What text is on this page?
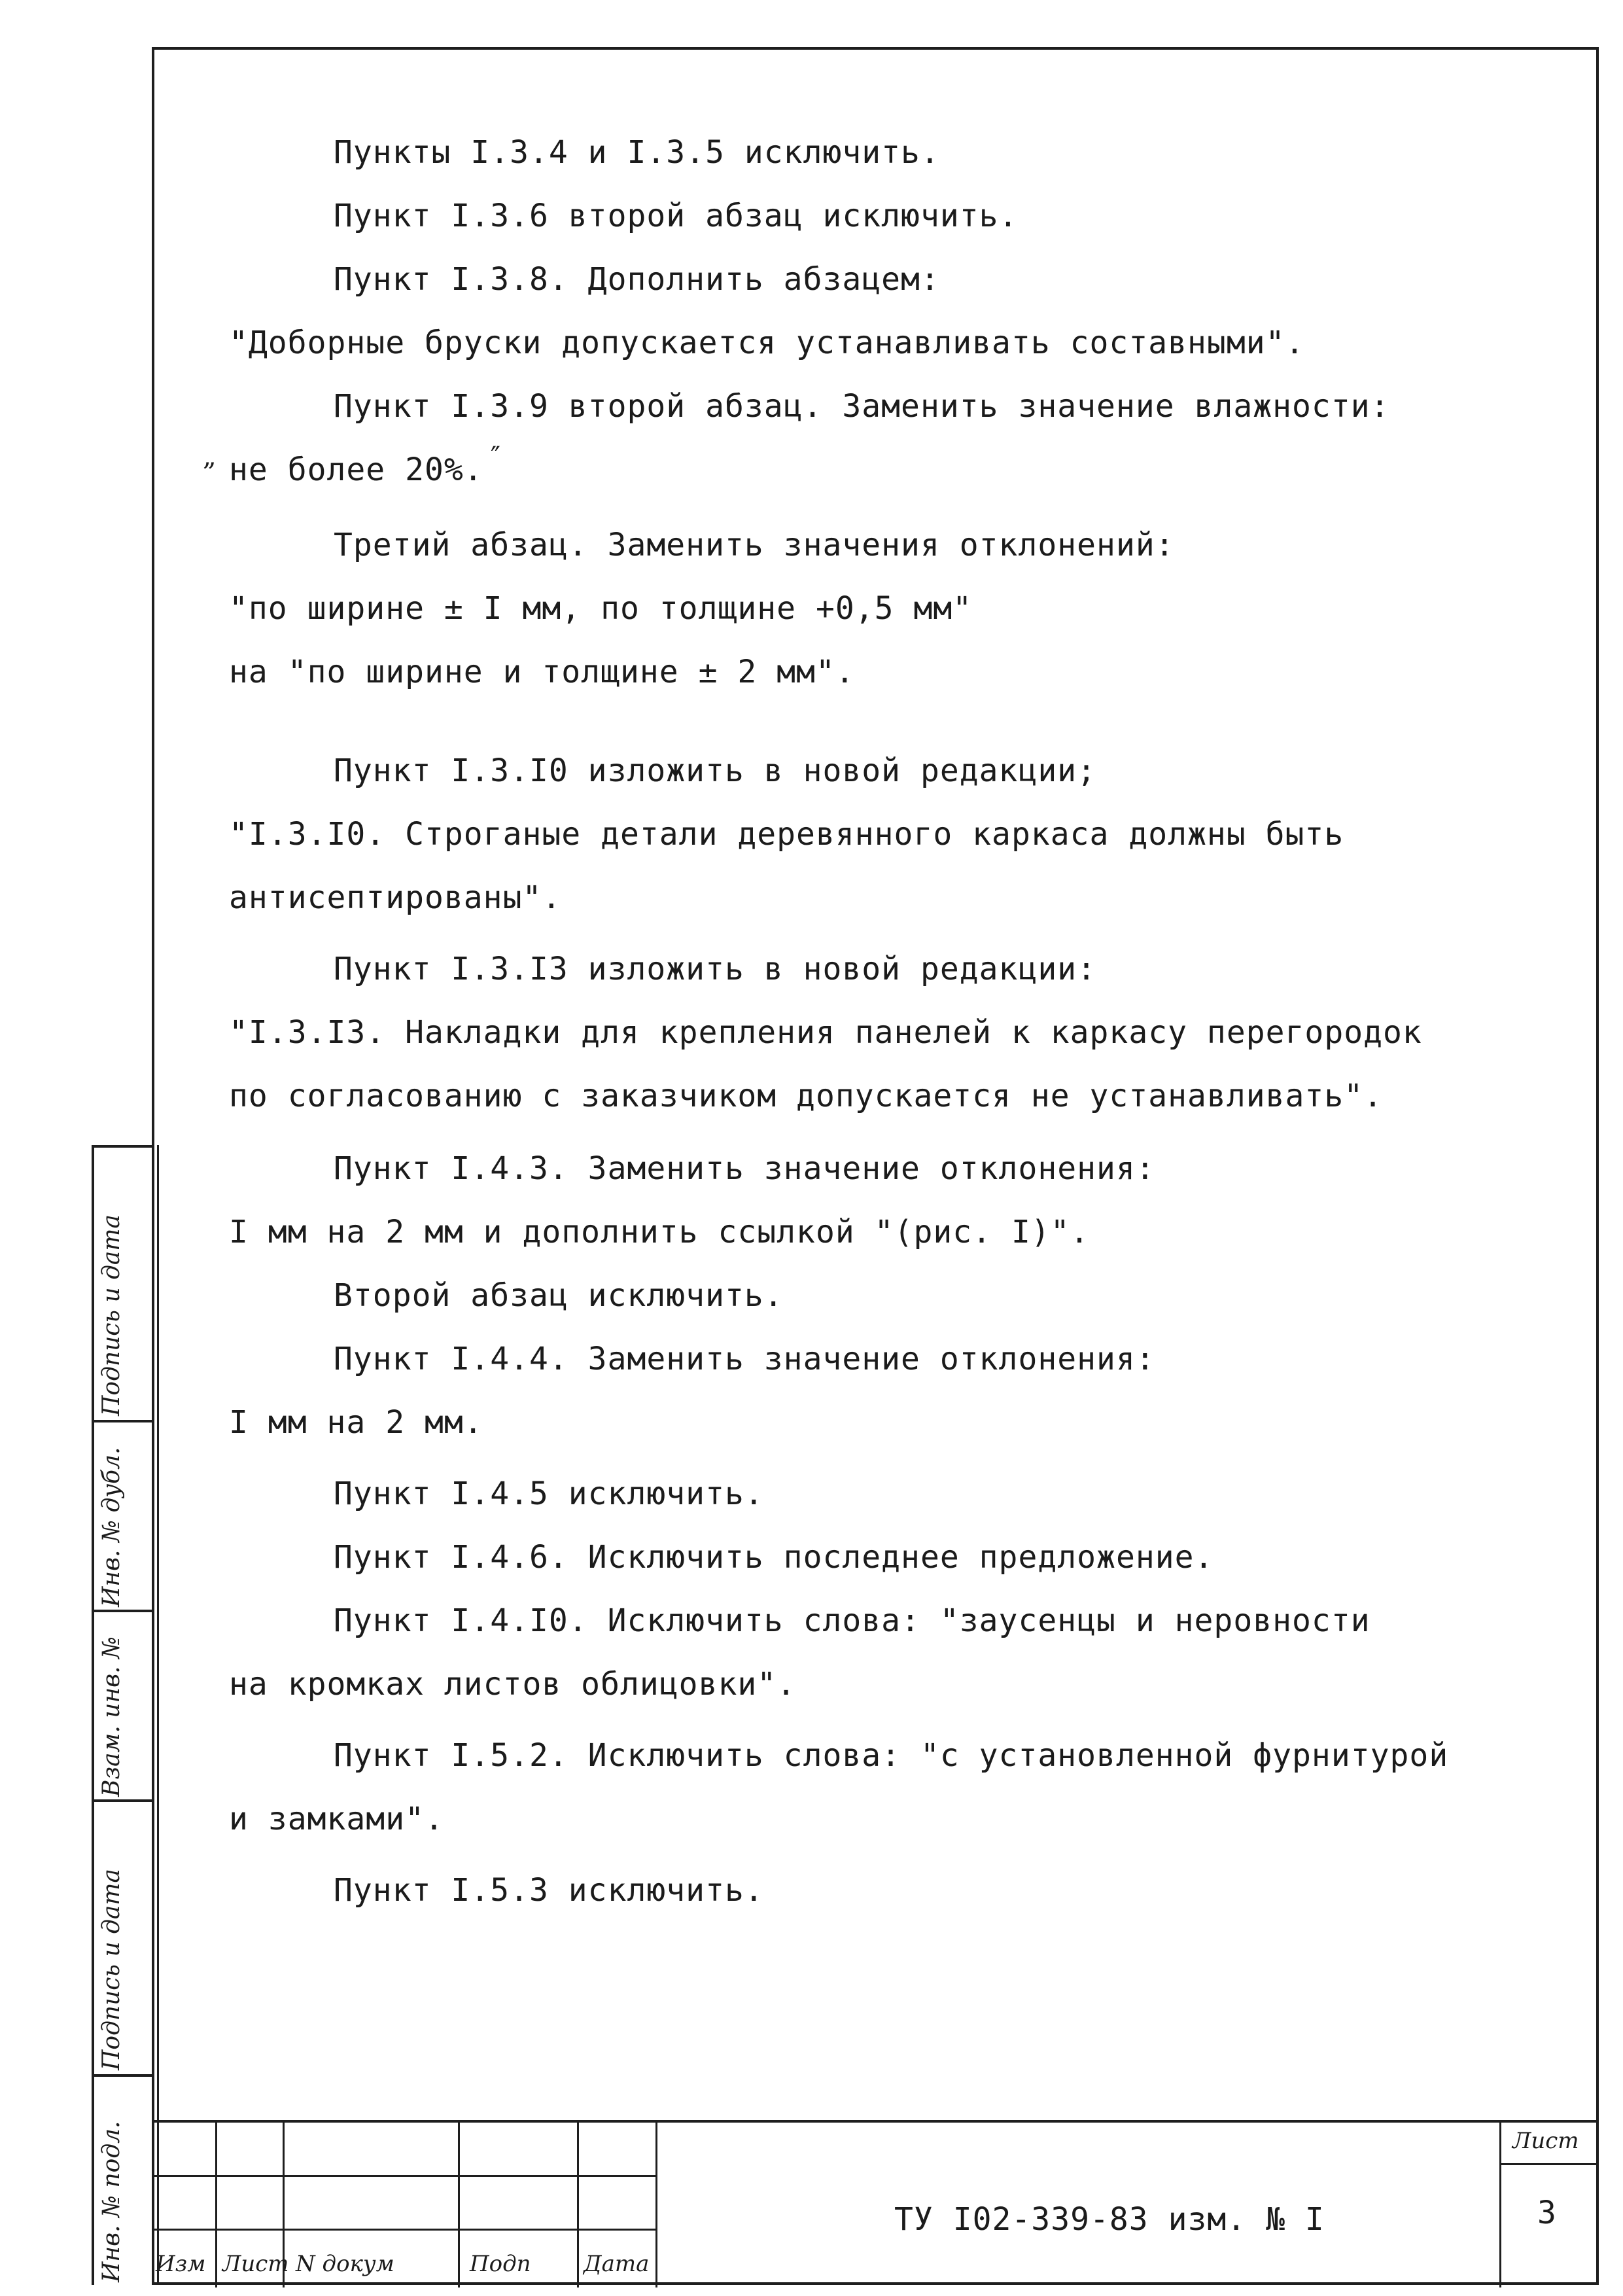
Пункты I.3.4 и I.3.5 исключить.
Пункт I.3.6 второй абзац исключить.
Пункт I.3.8. Дополнить абзацем:
"Доборные бруски допускается устанавливать составными".
Пункт I.3.9 второй абзац. Заменить значение влажности:
„ не более 20%. ″
Третий абзац. Заменить значения отклонений:
"по ширине ± I мм, по толщине +0,5 мм"
на "по ширине и толщине ± 2 мм".
Пункт I.3.I0 изложить в новой редакции;
"I.3.I0. Строганые детали деревянного каркаса должны быть
антисептированы".
Пункт I.3.I3 изложить в новой редакции:
"I.3.I3. Накладки для крепления панелей к каркасу перегородок
по согласованию с заказчиком допускается не устанавливать".
Пункт I.4.3. Заменить значение отклонения:
I мм на 2 мм и дополнить ссылкой "(рис. I)".
Второй абзац исключить.
Пункт I.4.4. Заменить значение отклонения:
I мм на 2 мм.
Пункт I.4.5 исключить.
Пункт I.4.6. Исключить последнее предложение.
Пункт I.4.I0. Исключить слова: "заусенцы и неровности
на кромках листов облицовки".
Пункт I.5.2. Исключить слова: "с установленной фурнитурой
и замками".
Пункт I.5.3 исключить.
Подпись и дата
Инв. № дубл.
Взам. инв. №
Подпись и дата
Инв. № подл. Изм Лист N докум	Подп Дата
ТУ I02-339-83 изм. № I
Лист
3
